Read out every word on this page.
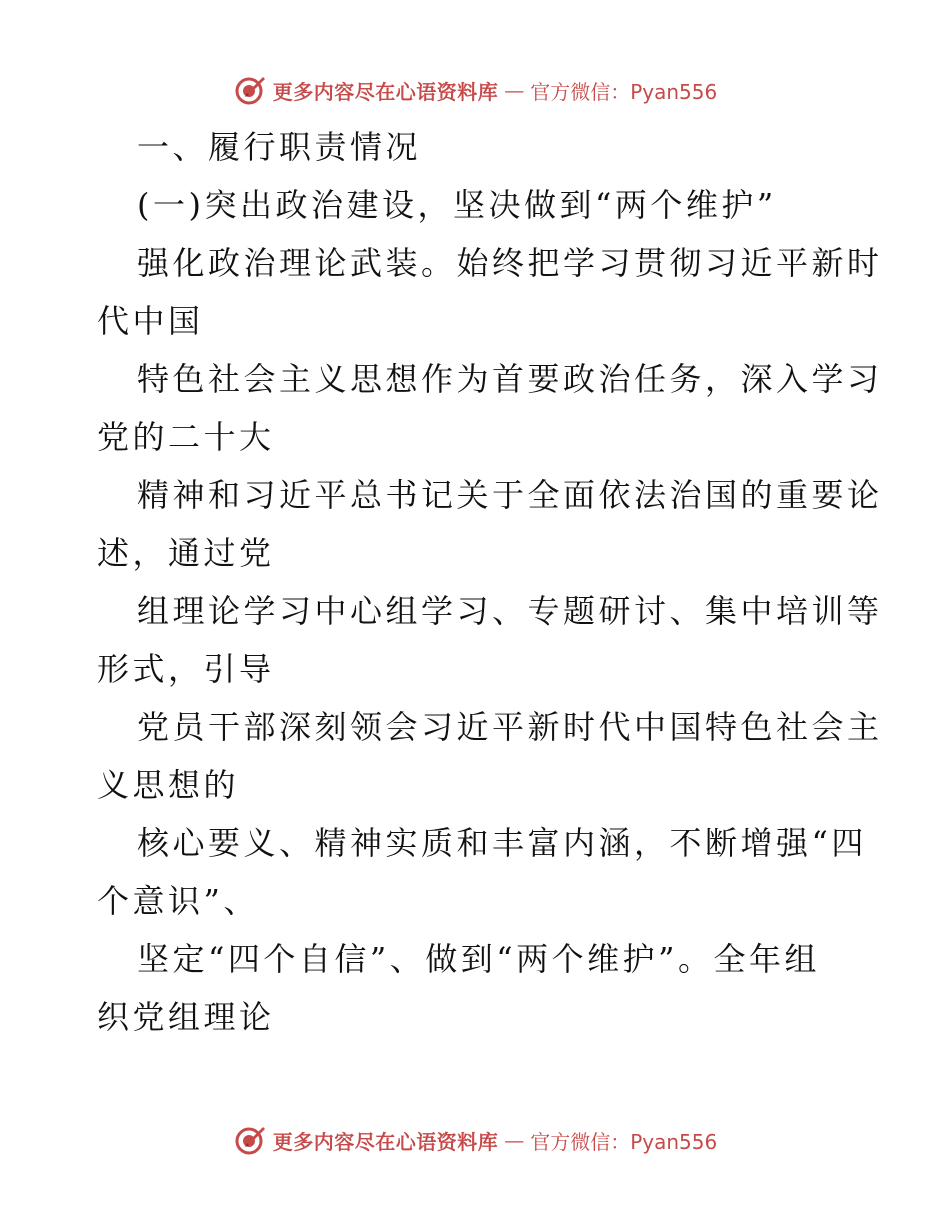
更多内容尽在心语资料库 — 官方微信：Pyan556

一、履行职责情况

(一)突出政治建设，坚决做到“两个维护”

强化政治理论武装。始终把学习贯彻习近平新时

代中国

特色社会主义思想作为首要政治任务，深入学习

党的二十大

精神和习近平总书记关于全面依法治国的重要论

述，通过党

组理论学习中心组学习、专题研讨、集中培训等

形式，引导

党员干部深刻领会习近平新时代中国特色社会主

义思想的

核心要义、精神实质和丰富内涵，不断增强“四

个意识”、

坚定“四个自信”、做到“两个维护”。全年组

织党组理论

更多内容尽在心语资料库 — 官方微信：Pyan556
